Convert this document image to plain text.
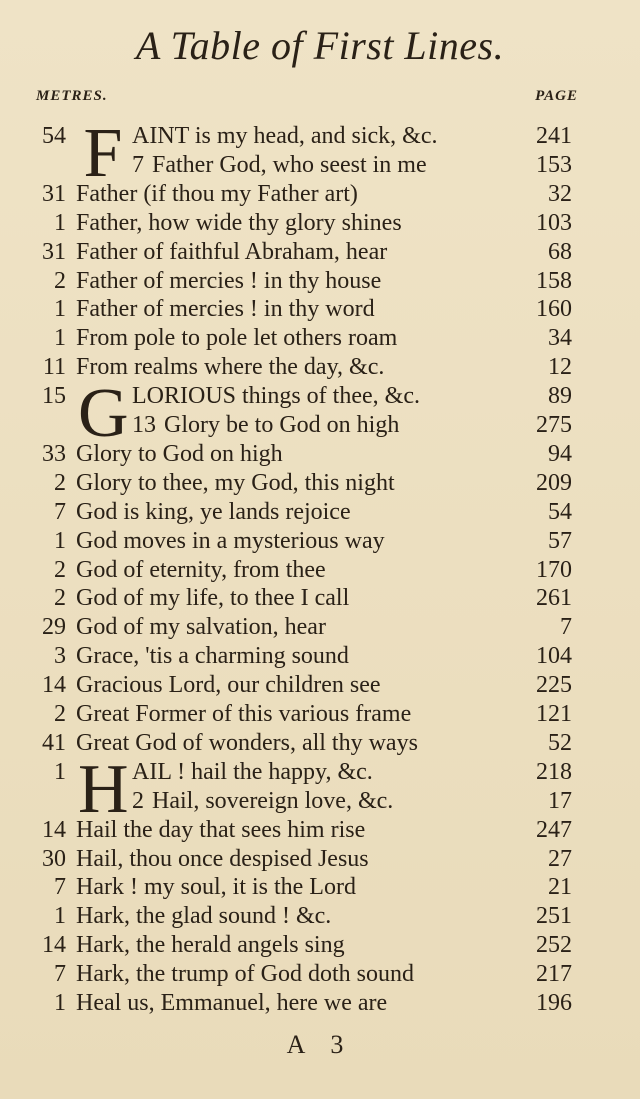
A Table of First Lines.
METRES.	PAGE
F
54	AINT is my head, and sick, &c.	241
7 Father God, who seest in me	153
31 Father (if thou my Father art)	32
1 Father, how wide thy glory shines	103
31 Father of faithful Abraham, hear	68
2 Father of mercies ! in thy house	158
1 Father of mercies ! in thy word	160
1 From pole to pole let others roam	34
11 From realms where the day, &c.	12
G
15	LORIOUS things of thee, &c.	89
13 Glory be to God on high	275
33 Glory to God on high	94
2 Glory to thee, my God, this night	209
7 God is king, ye lands rejoice	54
1 God moves in a mysterious way	57
2 God of eternity, from thee	170
2 God of my life, to thee I call	261
29 God of my salvation, hear	7
3 Grace, 'tis a charming sound	104
14 Gracious Lord, our children see	225
2 Great Former of this various frame	121
41 Great God of wonders, all thy ways	52
H
1	AIL ! hail the happy, &c.	218
2 Hail, sovereign love, &c.	17
14 Hail the day that sees him rise	247
30 Hail, thou once despised Jesus	27
7 Hark ! my soul, it is the Lord	21
1 Hark, the glad sound ! &c.	251
14 Hark, the herald angels sing	252
7 Hark, the trump of God doth sound	217
1 Heal us, Emmanuel, here we are	196
A 3
